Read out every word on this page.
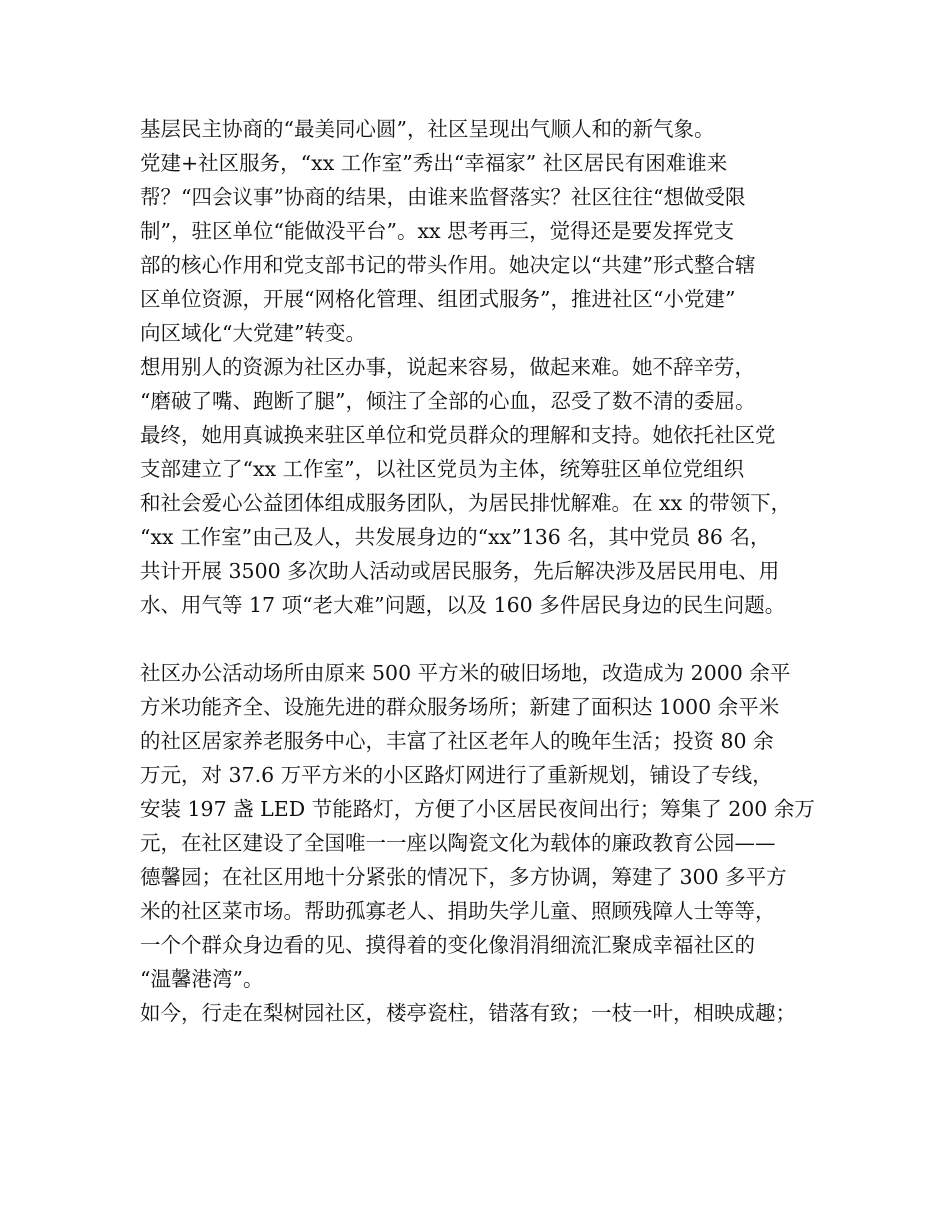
基层民主协商的“最美同心圆”，社区呈现出气顺人和的新气象。
党建+社区服务，“xx 工作室”秀出“幸福家” 社区居民有困难谁来
帮？“四会议事”协商的结果，由谁来监督落实？社区往往“想做受限
制”，驻区单位“能做没平台”。xx 思考再三，觉得还是要发挥党支
部的核心作用和党支部书记的带头作用。她决定以“共建”形式整合辖
区单位资源，开展“网格化管理、组团式服务”，推进社区“小党建”
向区域化“大党建”转变。
想用别人的资源为社区办事，说起来容易，做起来难。她不辞辛劳，
“磨破了嘴、跑断了腿”，倾注了全部的心血，忍受了数不清的委屈。
最终，她用真诚换来驻区单位和党员群众的理解和支持。她依托社区党
支部建立了“xx 工作室”，以社区党员为主体，统筹驻区单位党组织
和社会爱心公益团体组成服务团队，为居民排忧解难。在 xx 的带领下，
“xx 工作室”由己及人，共发展身边的“xx”136 名，其中党员 86 名，
共计开展 3500 多次助人活动或居民服务，先后解决涉及居民用电、用
水、用气等 17 项“老大难”问题，以及 160 多件居民身边的民生问题。
社区办公活动场所由原来 500 平方米的破旧场地，改造成为 2000 余平
方米功能齐全、设施先进的群众服务场所；新建了面积达 1000 余平米
的社区居家养老服务中心，丰富了社区老年人的晚年生活；投资 80 余
万元，对 37.6 万平方米的小区路灯网进行了重新规划，铺设了专线，
安装 197 盏 LED 节能路灯，方便了小区居民夜间出行；筹集了 200 余万
元，在社区建设了全国唯一一座以陶瓷文化为载体的廉政教育公园——
德馨园；在社区用地十分紧张的情况下，多方协调，筹建了 300 多平方
米的社区菜市场。帮助孤寡老人、捐助失学儿童、照顾残障人士等等，
一个个群众身边看的见、摸得着的变化像涓涓细流汇聚成幸福社区的
“温馨港湾”。
如今，行走在梨树园社区，楼亭瓷柱，错落有致；一枝一叶，相映成趣；
